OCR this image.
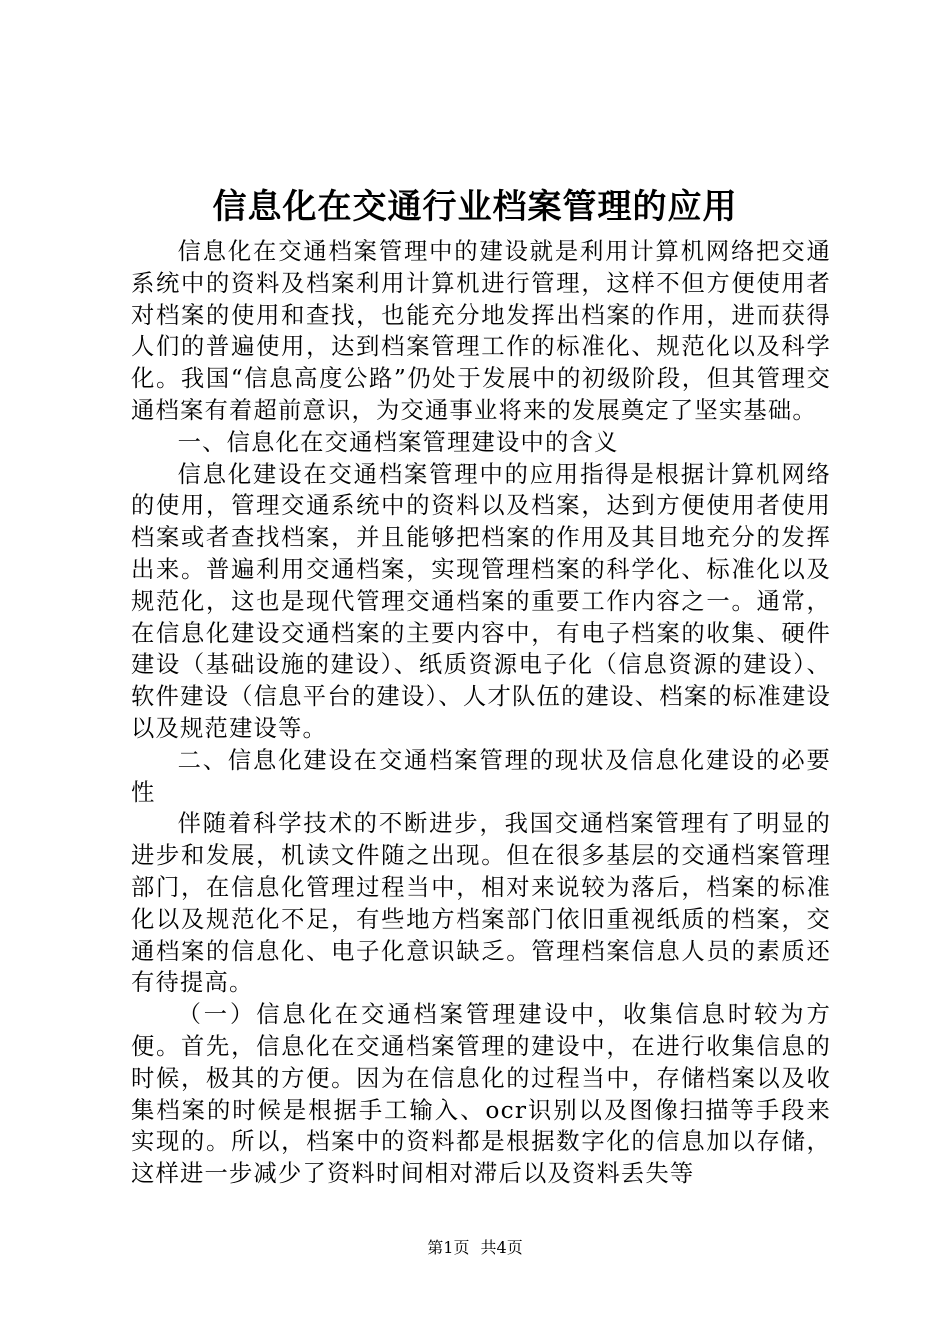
信息化在交通行业档案管理的应用

信息化在交通档案管理中的建设就是利用计算机网络把交通系统中的资料及档案利用计算机进行管理，这样不但方便使用者对档案的使用和查找，也能充分地发挥出档案的作用，进而获得人们的普遍使用，达到档案管理工作的标准化、规范化以及科学化。我国“信息高度公路”仍处于发展中的初级阶段，但其管理交通档案有着超前意识，为交通事业将来的发展奠定了坚实基础。

一、信息化在交通档案管理建设中的含义

信息化建设在交通档案管理中的应用指得是根据计算机网络的使用，管理交通系统中的资料以及档案，达到方便使用者使用档案或者查找档案，并且能够把档案的作用及其目地充分的发挥出来。普遍利用交通档案，实现管理档案的科学化、标准化以及规范化，这也是现代管理交通档案的重要工作内容之一。通常，在信息化建设交通档案的主要内容中，有电子档案的收集、硬件建设（基础设施的建设）、纸质资源电子化（信息资源的建设）、软件建设（信息平台的建设）、人才队伍的建设、档案的标准建设以及规范建设等。

二、信息化建设在交通档案管理的现状及信息化建设的必要性

伴随着科学技术的不断进步，我国交通档案管理有了明显的进步和发展，机读文件随之出现。但在很多基层的交通档案管理部门，在信息化管理过程当中，相对来说较为落后，档案的标准化以及规范化不足，有些地方档案部门依旧重视纸质的档案，交通档案的信息化、电子化意识缺乏。管理档案信息人员的素质还有待提高。

（一）信息化在交通档案管理建设中，收集信息时较为方便。首先，信息化在交通档案管理的建设中，在进行收集信息的时候，极其的方便。因为在信息化的过程当中，存储档案以及收集档案的时候是根据手工输入、ocr识别以及图像扫描等手段来实现的。所以，档案中的资料都是根据数字化的信息加以存储，这样进一步减少了资料时间相对滞后以及资料丢失等

第1页 共4页
